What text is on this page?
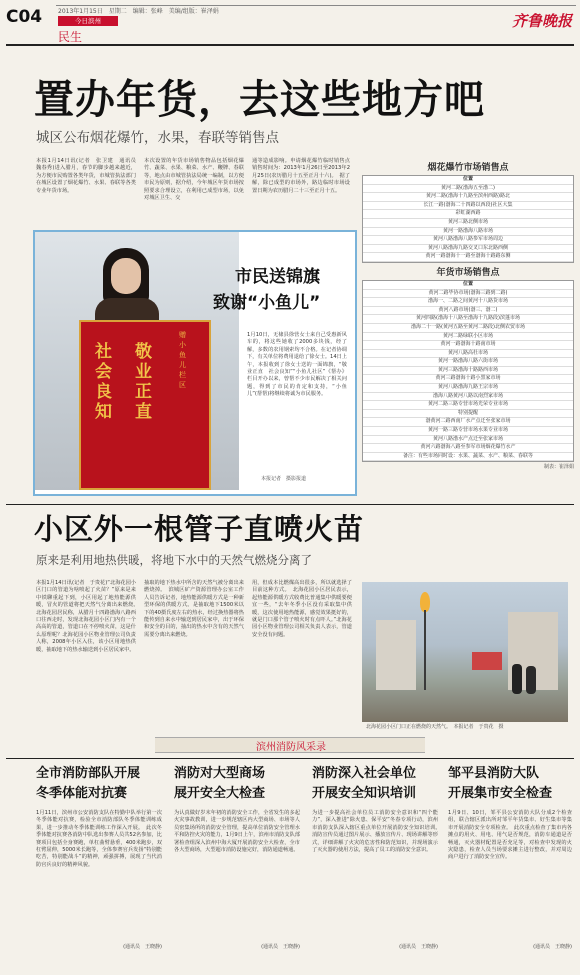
C04	2013年1月15日　星期二　编辑：张峰　美编/组版：崔泽娟
今日滨州
民生
齐鲁晚报
置办年货，去这些地方吧
城区公布烟花爆竹，水果，春联等销售点
本报1月14日讯(记者　张卫建　通讯员　魏春秀)进入腊月，春节的脚步越来越近，为方便市民购置各类年货，市城管执法部门在城区设置了烟花爆竹、水果、春联等各类专业年货市场。
本次设置的年货市场销售物品包括烟花爆竹、蔬菜、水果、粮菜、水产、鞭牌、春联等，地点由市城管执法局统一编制，以方便市民为原则，据介绍，今年城区年货市场按照要求合理设立，在利用已成型市场，以免对城区卫生、交
通等造成影响。申请烟花爆竹临时销售点销售时间为：2013年1月26日至2013年2月25日(农历腊月十五至正月十六)。　据了解，除已成型的市场外，路边临时市场设置日期为农历腊月二十三至正月十五。
社会良知
敬业正直
赠小鱼儿栏区
市民送锦旗
致谢“小鱼儿”
1月10日，无棣县徐营女士来自己受惠新风车的，将这些她收了2000多块钱，经了解，多数的农用钢索均不合格。在记者协调下，有关单位将费用退给了徐女士。14日上午，本报收到了徐女士送的一面锦旗，“敬业正直　社会良知”“小鱼儿社区”《帮办》栏目开办以来，曾帮不少市民解决了相关问题，得到了市民的肯定和支持，“小鱼儿”(帮帮)将继续将诚为市民服务。
本报记者　摄影报道
烟花爆竹市场销售点
位置
黄河二路(渤海五至渤二)
黄河二路(渤海十九路至滨州西路)路北
长江一路(渤海二十四路以西段)社区大集
彩虹湖西路
黄河三路北侧市场
黄河一路渤海八路市场
黄河八路渤海八路参军市场周边
黄河八路渤海九路交叉口东北路西侧
黄河一路渤海十一路至渤海十路路东侧
年货市场销售点
位置
黄河二路毕协市场(渤海三路到二路)
渤海一、二路之间黄河十八路货市场
黄河八路市场(渤三、渤二)
黄河四路(渤海十八路至渤海十九路段)滨蓬市场
渤海二十一路(黄河五路至黄河二路段)北侧农贸市场
黄河二路绿联小区市场
黄河一路渤海十路南市场
黄河八路高杜市场
黄河一路渤海八路六街市场
黄河三路渤海十路路西市场
黄河三路渤海十路小黑家市场
黄河八路渤海九路王宗市场
渤海八路黄河八路以南烈家市场
黄河二路三路专营市场光荣专业市场
特别提醒
渤黄河二路西南厂水产点迁至张家市场
黄河一路三路专营市场水果专业市场
黄河八路渤水产点迁至张家市场
黄河六路渤海八路至参军市场烟花爆竹水产
备注：有些市场同时设：水果、蔬菜、水产、粮菜、春联等
制表：崔泽娟
小区外一根管子直喷火苗
原来是利用地热供暖，将地下水中的天然气燃烧分离了
本报1月14日讯(记者　于贵花)“北海花园小区门口的管道为啥喷起了火苗？”原来是来中铁聊重起下到，小区用起了地热能源供暖，冒火的管道将把天然气分离出来燃烧。　北海花园居民称，从腊月十四路渤海八路西口往西走时，发现北海花园小区门内有一个高高的管道，管道口在不停喷火苗，这是什么原理呢？北海花园小区物业管理公司负责人称，2008年小区入住，该小区用地热供暖，抽取地下的热水输送到小区居民家中。
抽取的地下热水中所含的天然气被分离出来燃烧掉。　滨城区矿产资源管理办公室工作人员告诉记者，地热能源供暖方式是一种新型环保的供暖方式。是抽取地下1500米以下的40摄氏度左右的热水，经过换热器将热能传到自来水中输送到居民家中，出于环保和安全的目的，抽出的热水中含有的天然气需要分离出来燃烧。
用，但成本比燃煤高出很多，所以就选择了目前这种方式。　北海花园小区居民表示，起热能源供暖方式收费比普通集中供暖要便宜一些，“去年冬季小区没有采取集中供暖，这次使用地热能源，感觉效果挺好的，就是门口那个管子喷火时有点吓人。”北海花园小区物业管理公司相关负责人表示，管道安全没有问题。
北海花园小区门口正在燃烧的天然气。　本报记者　于贵花　摄
滨州消防风采录
全市消防部队开展
冬季体能对抗赛
1月11日，滨州市公安消防支队在特勤中队举行第一次冬季体能对抗赛，检验全市消防部队冬季体能训练成果，进一步推动冬季体能训练工作深入开展。　此次冬季体能对抗赛各消防中队选出参赛人员共52名参加，比赛项目包括全身赛跑，单杠曲臂悬垂，400米跑步，双杠臂屈伸，5000米长跑等，全体参赛官兵发扬“特别能吃苦，特别能战斗”的精神，顽强拼搏，展现了当代消防官兵良好的精神风貌。
(通讯员　王晓静)
消防对大型商场
展开安全大检查
为认真做好岁末年初的消防安全工作，全省发生的多起火灾事故教训，进一步规范辖区内大型商场、市场等人员密集场所的消防安全管理，提高单位消防安全管理水平和防控火灾的能力，1月9日上午，滨州市消防支队部署检查组深入滨州中海大厦开展消防安全大检查，全市各大型商场，大型超市消防设施完好，消防通道畅通。
(通讯员　王晓静)
消防深入社会单位
开展安全知识培训
为进一步提高社会单位员工消防安全意识和“四个能力”，深入推进“除火患、保平安”冬春专项行动，滨州市消防支队深入辖区重点单位开展消防安全知识培训。　消防宣传员通过图片展示、播放宣传片、现场讲解等形式，详细讲解了火灾的危害性和防范知识，并现场演示了灭火器的使用方法，提高了员工的消防安全意识。
(通讯员　王晓静)
邹平县消防大队
开展集市安全检查
1月9日、10日，邹平县公安消防大队分成2个检查组，联合辖区派出所对邹平年货集市、好生集市等集市开展消防安全专项检查。　此次重点检查了集市内各摊点的用火、用电、用气是否规范，消防车通道是否畅通，灭火器材配置是否充足等，对检查中发现的火灾隐患，检查人员当场要求摊主进行整改，并对周边商户进行了消防安全宣传。
(通讯员　王晓静)
